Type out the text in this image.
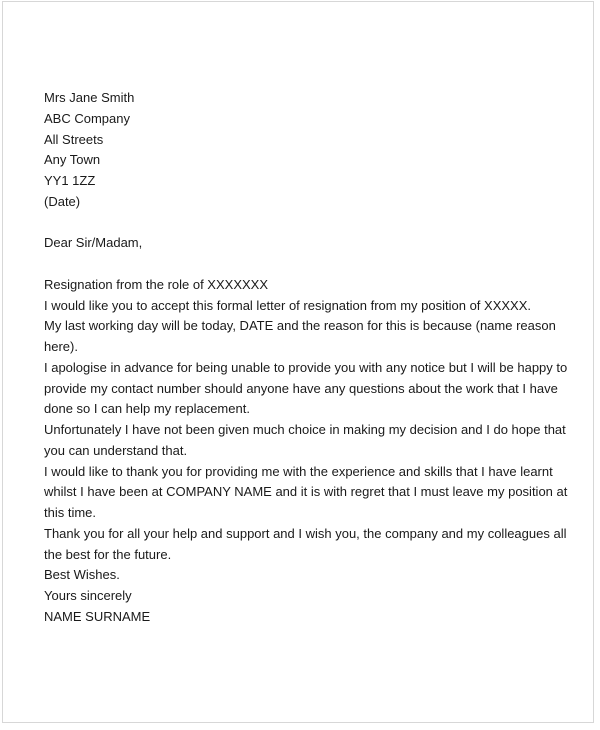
Mrs Jane Smith
ABC Company
All Streets
Any Town
YY1 1ZZ
(Date)

Dear Sir/Madam,

Resignation from the role of XXXXXXX

I would like you to accept this formal letter of resignation from my position of XXXXX.

My last working day will be today, DATE and the reason for this is because (name reason here).

I apologise in advance for being unable to provide you with any notice but I will be happy to provide my contact number should anyone have any questions about the work that I have done so I can help my replacement.

Unfortunately I have not been given much choice in making my decision and I do hope that you can understand that.

I would like to thank you for providing me with the experience and skills that I have learnt whilst I have been at COMPANY NAME and it is with regret that I must leave my position at this time.

Thank you for all your help and support and I wish you, the company and my colleagues all the best for the future.

Best Wishes.

Yours sincerely

NAME SURNAME
